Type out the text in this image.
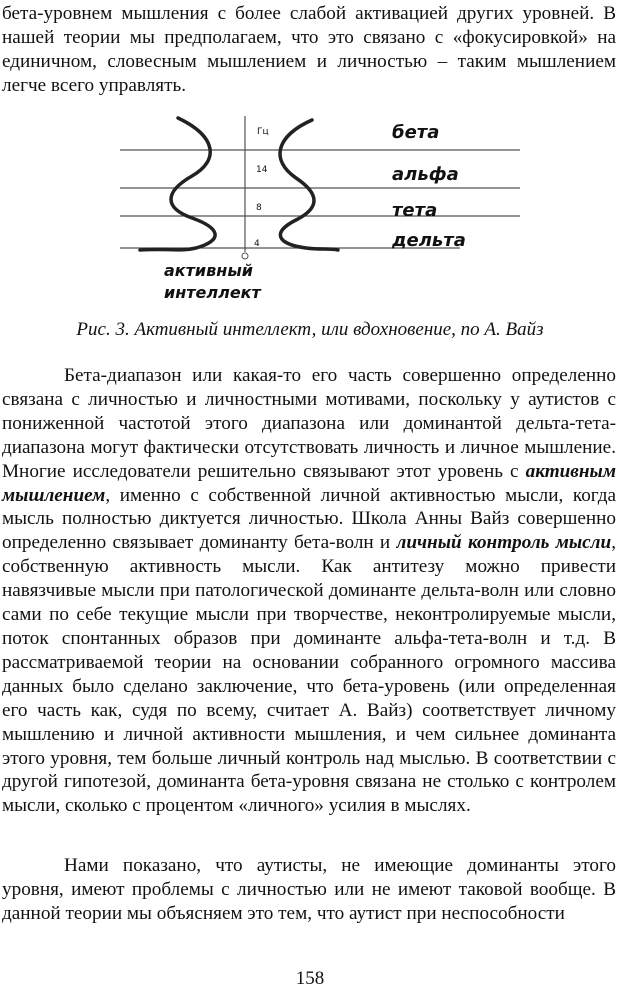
бета-уровнем мышления с более слабой активацией других уровней. В нашей теории мы предполагаем, что это связано с «фокусировкой» на единичном, словесным мышлением и личностью – таким мышлением легче всего управлять.

Гц
14
8
4
бета
альфа
тета
дельта
активный
интеллект
Рис. 3. Активный интеллект, или вдохновение, по А. Вайз

Бета-диапазон или какая-то его часть совершенно определенно связана с личностью и личностными мотивами, поскольку у аутистов с пониженной частотой этого диапазона или доминантой дельта-тета-диапазона могут фактически отсутствовать личность и личное мышление. Многие исследователи решительно связывают этот уровень с активным мышлением, именно с собственной личной активностью мысли, когда мысль полностью диктуется личностью. Школа Анны Вайз совершенно определенно связывает доминанту бета-волн и личный контроль мысли, собственную активность мысли. Как антитезу можно привести навязчивые мысли при патологической доминанте дельта-волн или словно сами по себе текущие мысли при творчестве, неконтролируемые мысли, поток спонтанных образов при доминанте альфа-тета-волн и т.д. В рассматриваемой теории на основании собранного огромного массива данных было сделано заключение, что бета-уровень (или определенная его часть как, судя по всему, считает А. Вайз) соответствует личному мышлению и личной активности мышления, и чем сильнее доминанта этого уровня, тем больше личный контроль над мыслью. В соответствии с другой гипотезой, доминанта бета-уровня связана не столько с контролем мысли, сколько с процентом «личного» усилия в мыслях.

Нами показано, что аутисты, не имеющие доминанты этого уровня, имеют проблемы с личностью или не имеют таковой вообще. В данной теории мы объясняем это тем, что аутист при неспособности

158
